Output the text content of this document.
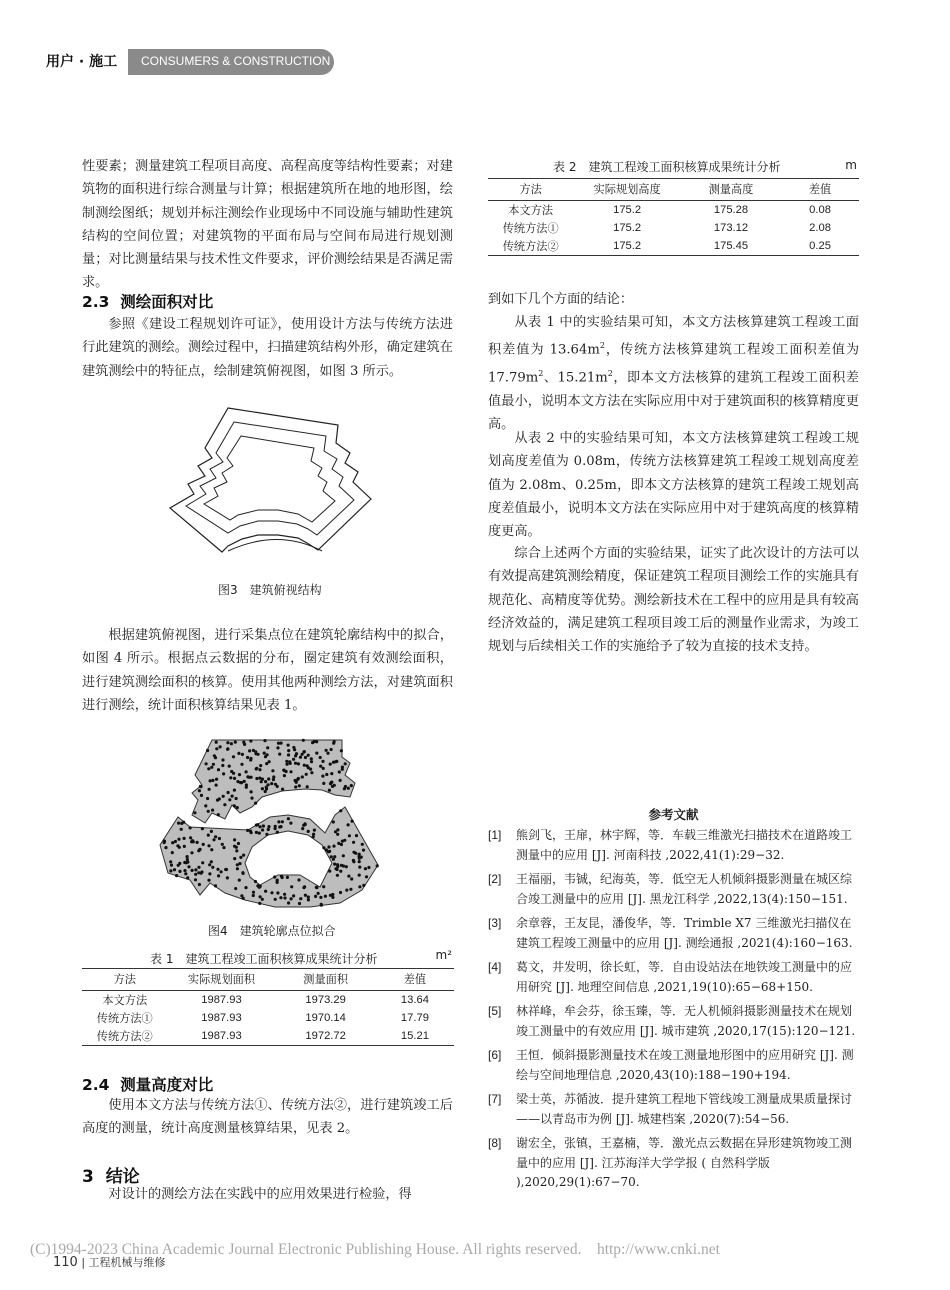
用户 · 施工	CONSUMERS & CONSTRUCTION

性要素；测量建筑工程项目高度、高程高度等结构性要素；对建筑物的面积进行综合测量与计算；根据建筑所在地的地形图，绘制测绘图纸；规划并标注测绘作业现场中不同设施与辅助性建筑结构的空间位置；对建筑物的平面布局与空间布局进行规划测量；对比测量结果与技术性文件要求，评价测绘结果是否满足需求。

2.3 测绘面积对比

参照《建设工程规划许可证》，使用设计方法与传统方法进行此建筑的测绘。测绘过程中，扫描建筑结构外形，确定建筑在建筑测绘中的特征点，绘制建筑俯视图，如图 3 所示。

图3　建筑俯视结构

根据建筑俯视图，进行采集点位在建筑轮廓结构中的拟合，如图 4 所示。根据点云数据的分布，圈定建筑有效测绘面积，进行建筑测绘面积的核算。使用其他两种测绘方法，对建筑面积进行测绘，统计面积核算结果见表 1。

图4　建筑轮廓点位拟合
表 1　建筑工程竣工面积核算成果统计分析	m²
方法	实际规划面积	测量面积	差值
本文方法	1987.93	1973.29	13.64
传统方法①	1987.93	1970.14	17.79
传统方法②	1987.93	1972.72	15.21
2.4 测量高度对比

使用本文方法与传统方法①、传统方法②，进行建筑竣工后高度的测量，统计高度测量核算结果，见表 2。

3 结论

对设计的测绘方法在实践中的应用效果进行检验，得

表 2　建筑工程竣工面积核算成果统计分析	m
方法	实际规划高度	测量高度	差值
本文方法	175.2	175.28	0.08
传统方法①	175.2	173.12	2.08
传统方法②	175.2	175.45	0.25

到如下几个方面的结论：

从表 1 中的实验结果可知，本文方法核算建筑工程竣工面积差值为 $13.64m^2$，传统方法核算建筑工程竣工面积差值为 $17.79m^2$、$15.21m^2$，即本文方法核算的建筑工程竣工面积差值最小，说明本文方法在实际应用中对于建筑面积的核算精度更高。

从表 2 中的实验结果可知，本文方法核算建筑工程竣工规划高度差值为 0.08m，传统方法核算建筑工程竣工规划高度差值为 2.08m、0.25m，即本文方法核算的建筑工程竣工规划高度差值最小，说明本文方法在实际应用中对于建筑高度的核算精度更高。

综合上述两个方面的实验结果，证实了此次设计的方法可以有效提高建筑测绘精度，保证建筑工程项目测绘工作的实施具有规范化、高精度等优势。测绘新技术在工程中的应用是具有较高经济效益的，满足建筑工程项目竣工后的测量作业需求，为竣工规划与后续相关工作的实施给予了较为直接的技术支持。

参考文献
[1] 熊剑飞，王扉，林宇辉，等．车载三维激光扫描技术在道路竣工测量中的应用 [J]. 河南科技 ,2022,41(1):29−32.
[2] 王福丽，韦铖，纪海英，等．低空无人机倾斜摄影测量在城区综合竣工测量中的应用 [J]. 黑龙江科学 ,2022,13(4):150−151.
[3] 余章蓉，王友昆，潘俊华，等．Trimble X7 三维激光扫描仪在建筑工程竣工测量中的应用 [J]. 测绘通报 ,2021(4):160−163.
[4] 葛文，井发明，徐长虹，等．自由设站法在地铁竣工测量中的应用研究 [J]. 地理空间信息 ,2021,19(10):65−68+150.
[5] 林祥峰，牟会芬，徐玉臻，等．无人机倾斜摄影测量技术在规划竣工测量中的有效应用 [J]. 城市建筑 ,2020,17(15):120−121.
[6] 王恒．倾斜摄影测量技术在竣工测量地形图中的应用研究 [J]. 测绘与空间地理信息 ,2020,43(10):188−190+194.
[7] 梁士英，苏循波．提升建筑工程地下管线竣工测量成果质量探讨——以青岛市为例 [J]. 城建档案 ,2020(7):54−56.
[8] 谢宏全，张镇，王嘉楠，等．激光点云数据在异形建筑物竣工测量中的应用 [J]. 江苏海洋大学学报 ( 自然科学版 ),2020,29(1):67−70.
110 | 工程机械与维修
(C)1994-2023 China Academic Journal Electronic Publishing House. All rights reserved.    http://www.cnki.net
